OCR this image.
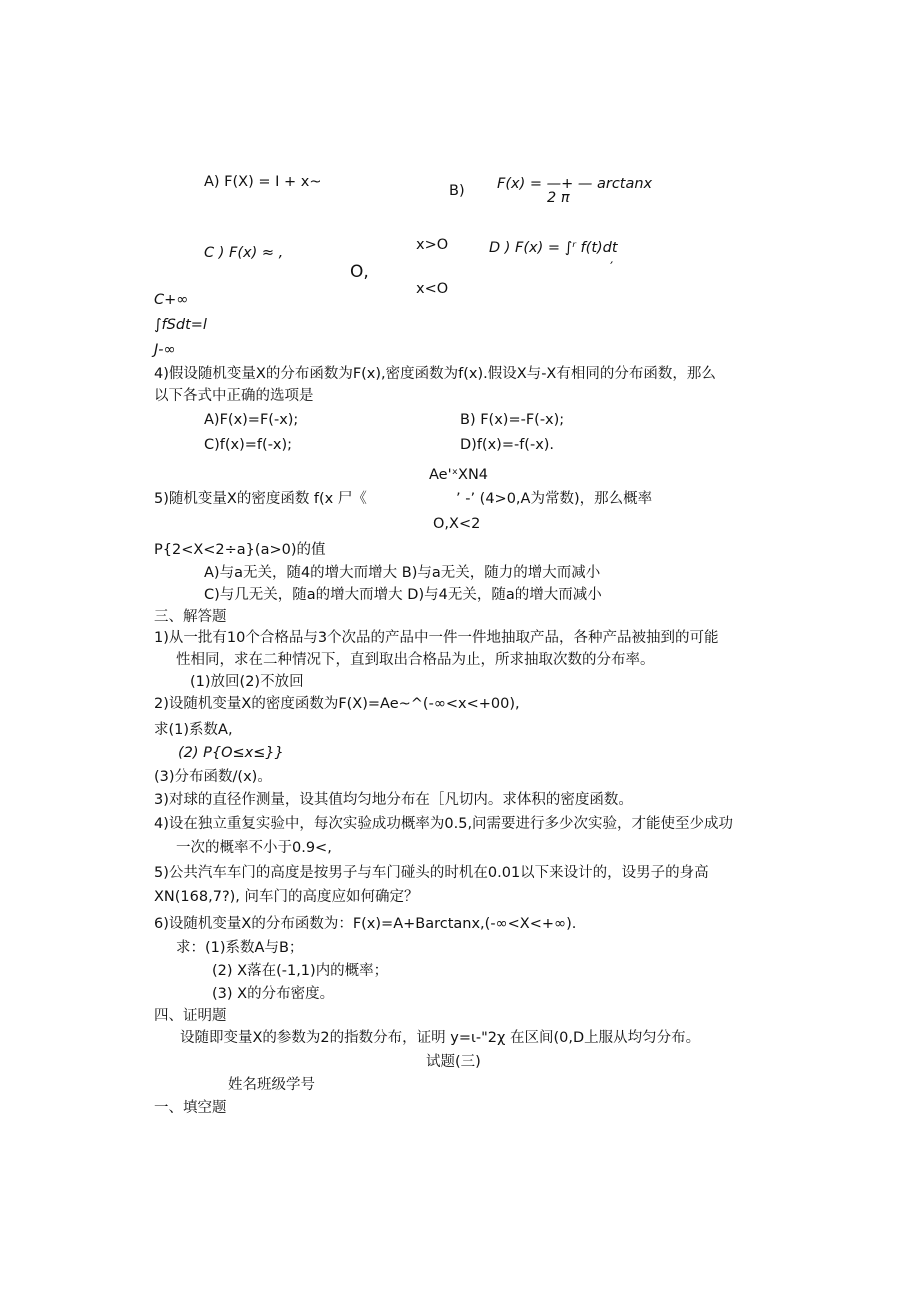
A) F(X) = I + x~
B) F(x) = —+ — arctanx
2 π
C ) F(x) ≈ ,	x>O
O,
x<O
D ) F(x) = ∫ʳ f(t)dt
′
C+∞
∫fSdt=l
J-∞
4)假设随机变量X的分布函数为F(x),密度函数为f(x).假设X与-X有相同的分布函数，那么
以下各式中正确的选项是
A)F(x)=F(-x);	B) F(x)=-F(-x);
C)f(x)=f(-x);	D)f(x)=-f(-x).
Ae'ˣXN4
5)随机变量X的密度函数 f(x 尸《	’ -’ (4>0,A为常数)，那么概率
O,X<2
P{2<X<2÷a}(a>0)的值
A)与a无关，随4的增大而增大 B)与a无关，随力的增大而减小
C)与几无关，随a的增大而增大 D)与4无关，随a的增大而减小
三、解答题
1)从一批有10个合格品与3个次品的产品中一件一件地抽取产品，各种产品被抽到的可能
性相同，求在二种情况下，直到取出合格品为止，所求抽取次数的分布率。
(1)放回(2)不放回
2)设随机变量X的密度函数为F(X)=Ae~^(-∞<x<+00),
求(1)系数A,
(2) P{O≤x≤}}
(3)分布函数/(x)。
3)对球的直径作测量，设其值均匀地分布在［凡切内。求体积的密度函数。
4)设在独立重复实验中，每次实验成功概率为0.5,问需要进行多少次实验，才能使至少成功
一次的概率不小于0.9<,
5)公共汽车车门的高度是按男子与车门碰头的时机在0.01以下来设计的，设男子的身高
XN(168,7?), 问车门的高度应如何确定？
6)设随机变量X的分布函数为：F(x)=A+Barctanx,(-∞<X<+∞).
求：(1)系数A与B；
(2) X落在(-1,1)内的概率；
(3) X的分布密度。
四、证明题
设随即变量X的参数为2的指数分布，证明 y=ι-"2χ 在区间(0,D上服从均匀分布。
试题(三)
姓名班级学号
一、填空题
